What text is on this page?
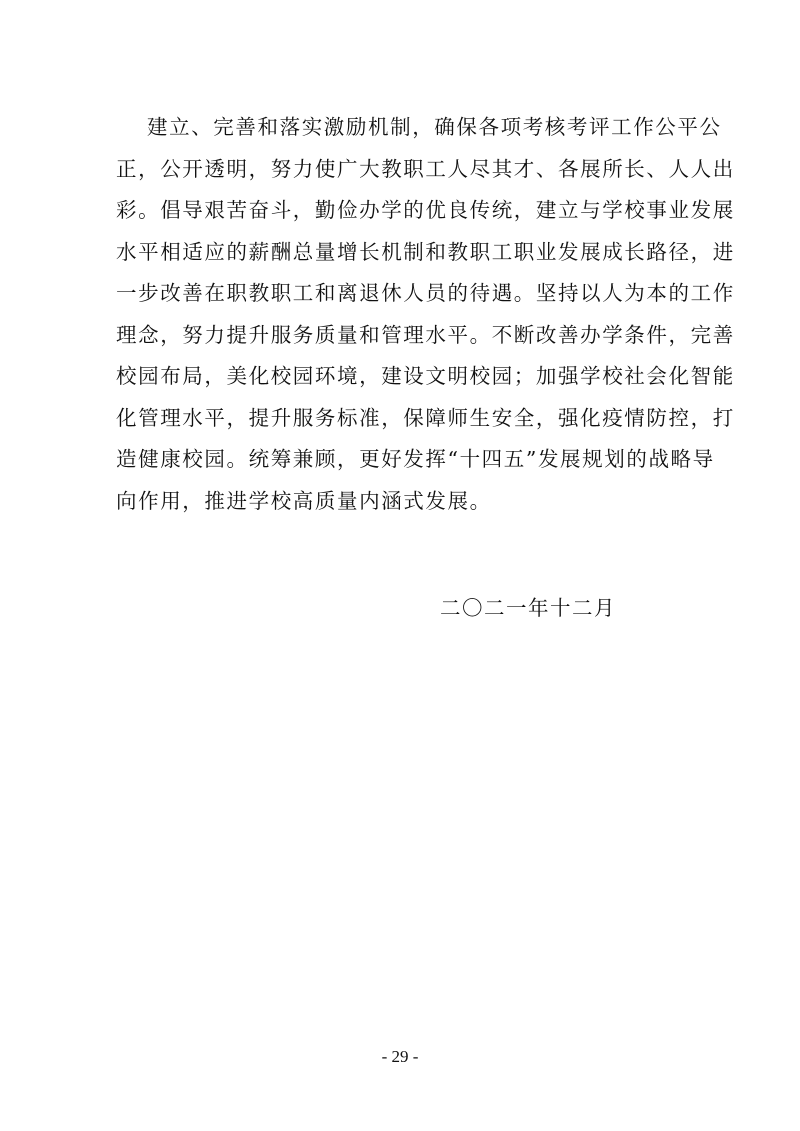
建立、完善和落实激励机制，确保各项考核考评工作公平公
正，公开透明，努力使广大教职工人尽其才、各展所长、人人出
彩。倡导艰苦奋斗，勤俭办学的优良传统，建立与学校事业发展
水平相适应的薪酬总量增长机制和教职工职业发展成长路径，进
一步改善在职教职工和离退休人员的待遇。坚持以人为本的工作
理念，努力提升服务质量和管理水平。不断改善办学条件，完善
校园布局，美化校园环境，建设文明校园；加强学校社会化智能
化管理水平，提升服务标准，保障师生安全，强化疫情防控，打
造健康校园。统筹兼顾，更好发挥“十四五”发展规划的战略导
向作用，推进学校高质量内涵式发展。
二〇二一年十二月
- 29 -
